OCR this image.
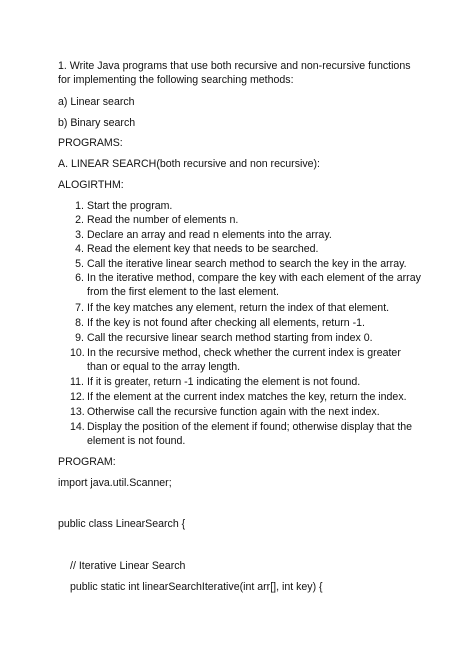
1. Write Java programs that use both recursive and non-recursive functions for implementing the following searching methods:
a) Linear search
b) Binary search
PROGRAMS:
A. LINEAR SEARCH(both recursive and non recursive):
ALOGIRTHM:
1. Start the program.
2. Read the number of elements n.
3. Declare an array and read n elements into the array.
4. Read the element key that needs to be searched.
5. Call the iterative linear search method to search the key in the array.
6. In the iterative method, compare the key with each element of the array from the first element to the last element.
7. If the key matches any element, return the index of that element.
8. If the key is not found after checking all elements, return -1.
9. Call the recursive linear search method starting from index 0.
10. In the recursive method, check whether the current index is greater than or equal to the array length.
11. If it is greater, return -1 indicating the element is not found.
12. If the element at the current index matches the key, return the index.
13. Otherwise call the recursive function again with the next index.
14. Display the position of the element if found; otherwise display that the element is not found.
PROGRAM:
import java.util.Scanner;
public class LinearSearch {
// Iterative Linear Search
public static int linearSearchIterative(int arr[], int key) {
